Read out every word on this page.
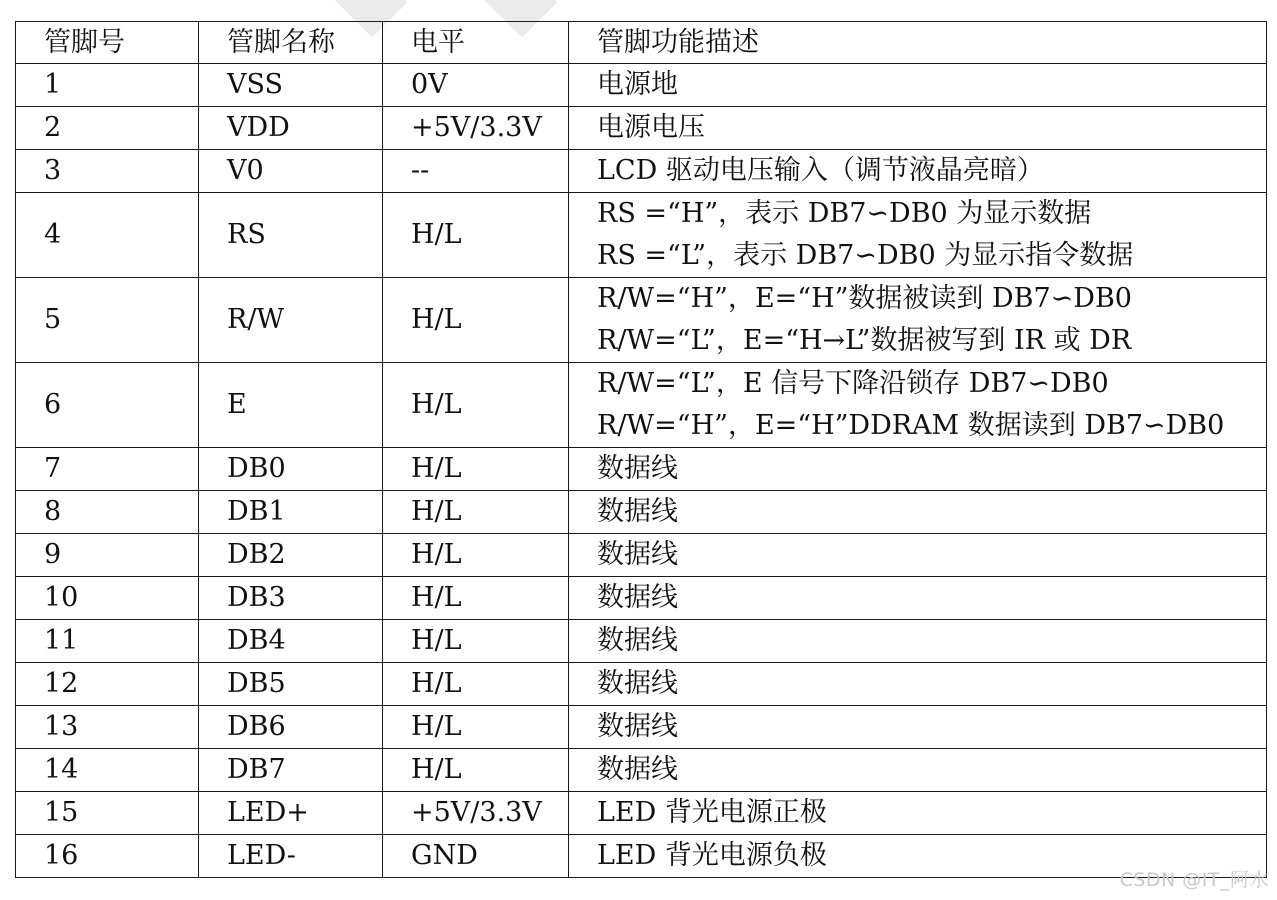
管脚号	管脚名称	电平	管脚功能描述
1	VSS	0V	电源地

2	VDD	+5V/3.3V	电源电压

3	V0	--	LCD 驱动电压输入（调节液晶亮暗）

4	RS	H/L	RS =“H”，表示 DB7∽DB0 为显示数据
RS =“L”，表示 DB7∽DB0 为显示指令数据

5	R/W	H/L	R/W=“H”，E=“H”数据被读到 DB7∽DB0
R/W=“L”，E=“H→L”数据被写到 IR 或 DR

6	E	H/L	R/W=“L”，E 信号下降沿锁存 DB7∽DB0
R/W=“H”，E=“H”DDRAM 数据读到 DB7∽DB0

7	DB0	H/L	数据线

8	DB1	H/L	数据线

9	DB2	H/L	数据线

10	DB3	H/L	数据线

11	DB4	H/L	数据线

12	DB5	H/L	数据线

13	DB6	H/L	数据线

14	DB7	H/L	数据线

15	LED+	+5V/3.3V	LED 背光电源正极

16	LED-	GND	LED 背光电源负极
CSDN @IT_阿水
